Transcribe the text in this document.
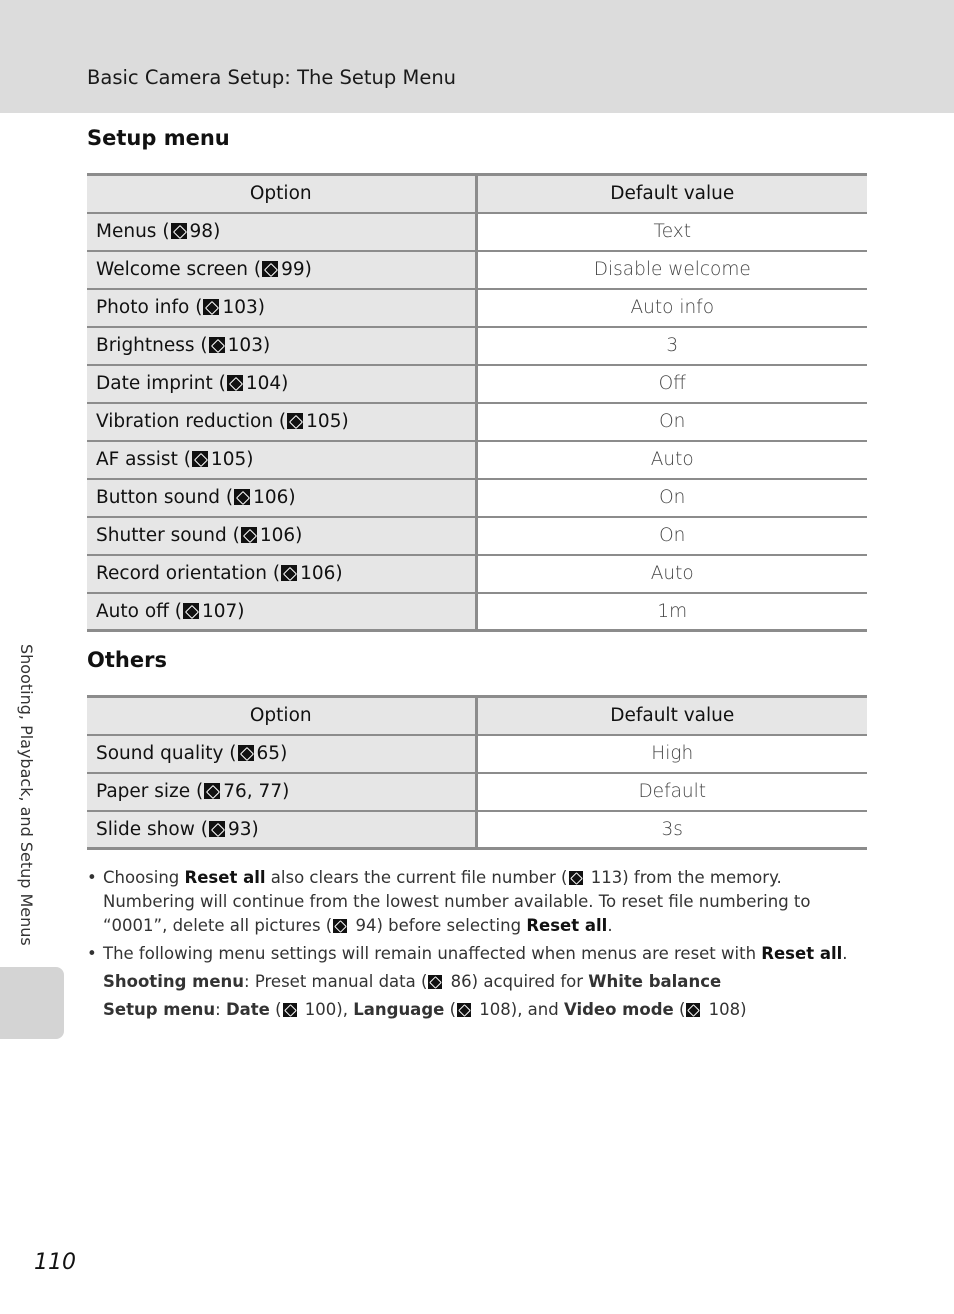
Basic Camera Setup: The Setup Menu
Setup menu
Option	Default value
Menus ( 98)	Text
Welcome screen ( 99)	Disable welcome
Photo info ( 103)	Auto info
Brightness ( 103)	3
Date imprint ( 104)	Off
Vibration reduction ( 105)	On
AF assist ( 105)	Auto
Button sound ( 106)	On
Shutter sound ( 106)	On
Record orientation ( 106)	Auto
Auto off ( 107)	1m
Others
Option	Default value
Sound quality ( 65)	High
Paper size ( 76, 77)	Default
Slide show ( 93)	3s
• Choosing Reset all also clears the current file number ( 113) from the memory. Numbering will continue from the lowest number available. To reset file numbering to “0001”, delete all pictures ( 94) before selecting Reset all.
• The following menu settings will remain unaffected when menus are reset with Reset all.
Shooting menu: Preset manual data ( 86) acquired for White balance
Setup menu: Date ( 100), Language ( 108), and Video mode ( 108)
Shooting, Playback, and Setup Menus
110
